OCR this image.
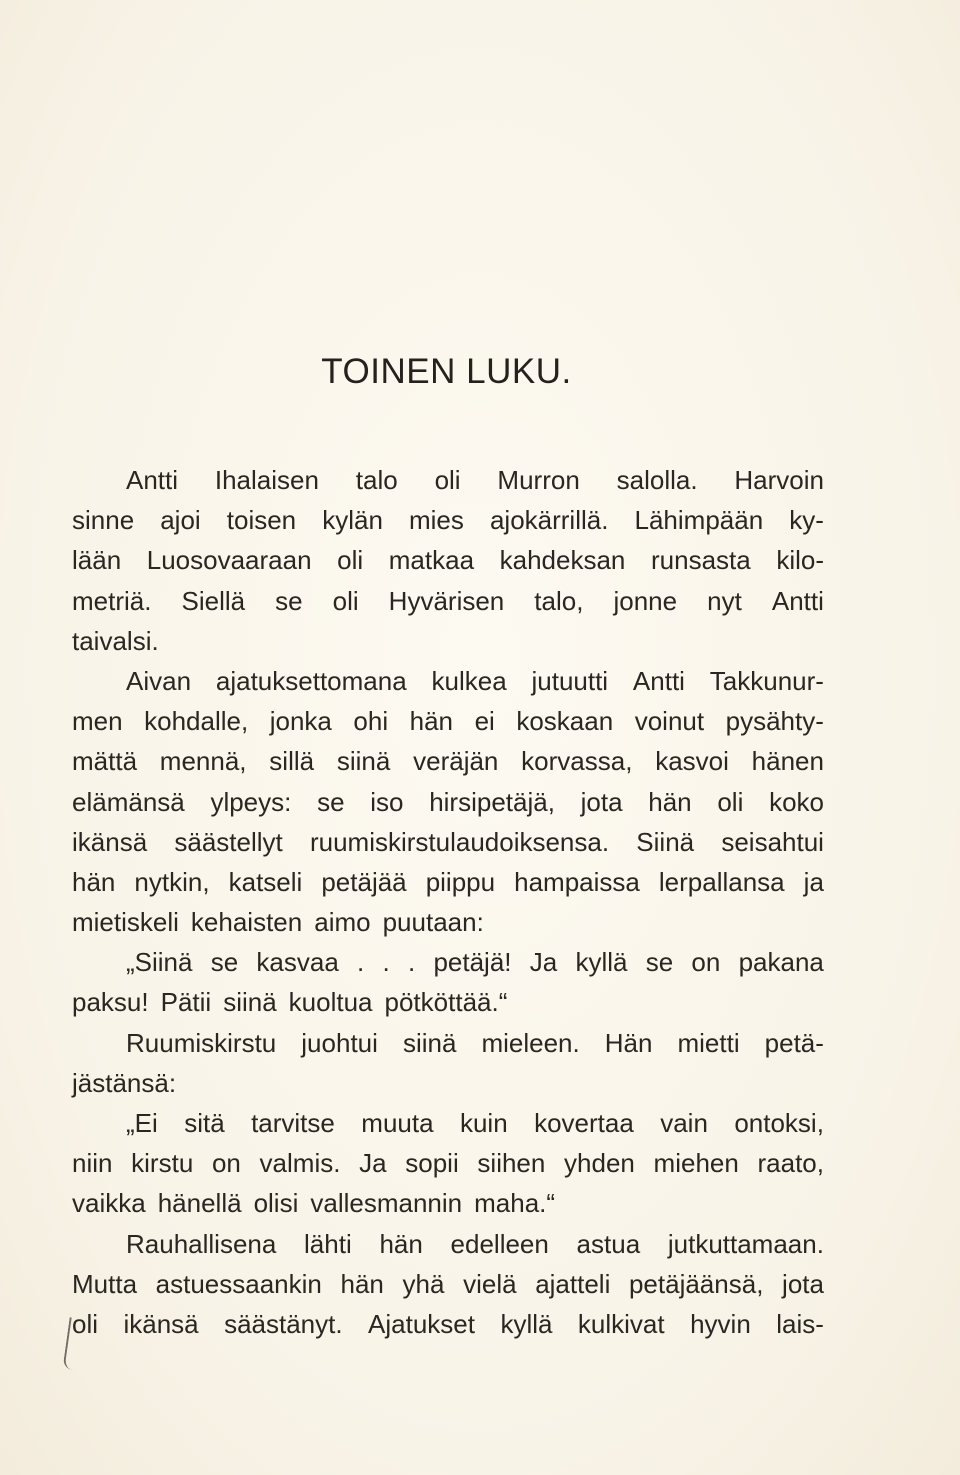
TOINEN LUKU.
Antti Ihalaisen talo oli Murron salolla. Harvoin
sinne ajoi toisen kylän mies ajokärrillä. Lähimpään ky-
lään Luosovaaraan oli matkaa kahdeksan runsasta kilo-
metriä. Siellä se oli Hyvärisen talo, jonne nyt Antti
taivalsi.
Aivan ajatuksettomana kulkea jutuutti Antti Takkunur-
men kohdalle, jonka ohi hän ei koskaan voinut pysähty-
mättä mennä, sillä siinä veräjän korvassa, kasvoi hänen
elämänsä ylpeys: se iso hirsipetäjä, jota hän oli koko
ikänsä säästellyt ruumiskirstulaudoiksensa. Siinä seisahtui
hän nytkin, katseli petäjää piippu hampaissa lerpallansa ja
mietiskeli kehaisten aimo puutaan:
„Siinä se kasvaa . . . petäjä! Ja kyllä se on pakana
paksu! Pätii siinä kuoltua pötköttää.“
Ruumiskirstu juohtui siinä mieleen. Hän mietti petä-
jästänsä:
„Ei sitä tarvitse muuta kuin kovertaa vain ontoksi,
niin kirstu on valmis. Ja sopii siihen yhden miehen raato,
vaikka hänellä olisi vallesmannin maha.“
Rauhallisena lähti hän edelleen astua jutkuttamaan.
Mutta astuessaankin hän yhä vielä ajatteli petäjäänsä, jota
oli ikänsä säästänyt. Ajatukset kyllä kulkivat hyvin lais-
